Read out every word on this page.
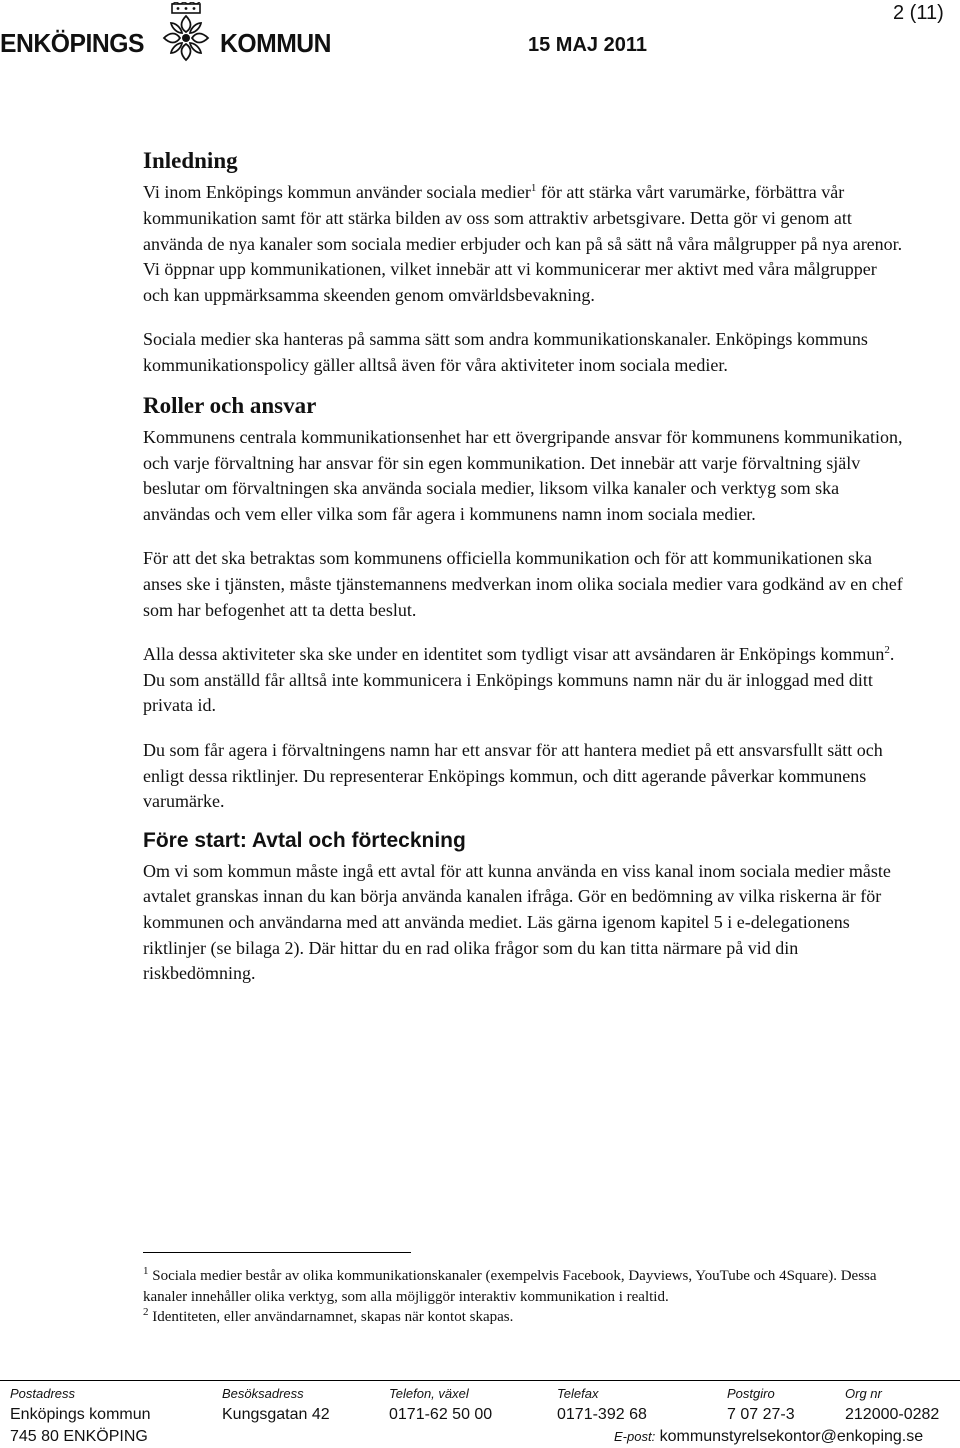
ENKÖPINGS	KOMMUN	15 MAJ 2011
2 (11)
Inledning

Vi inom Enköpings kommun använder sociala medier$^1$ för att stärka vårt varumärke, förbättra vår kommunikation samt för att stärka bilden av oss som attraktiv arbetsgivare. Detta gör vi genom att använda de nya kanaler som sociala medier erbjuder och kan på så sätt nå våra målgrupper på nya arenor. Vi öppnar upp kommunikationen, vilket innebär att vi kommunicerar mer aktivt med våra målgrupper och kan uppmärksamma skeenden genom omvärldsbevakning.

Sociala medier ska hanteras på samma sätt som andra kommunikationskanaler. Enköpings kommuns kommunikationspolicy gäller alltså även för våra aktiviteter inom sociala medier.

Roller och ansvar

Kommunens centrala kommunikationsenhet har ett övergripande ansvar för kommunens kommunikation, och varje förvaltning har ansvar för sin egen kommunikation. Det innebär att varje förvaltning själv beslutar om förvaltningen ska använda sociala medier, liksom vilka kanaler och verktyg som ska användas och vem eller vilka som får agera i kommunens namn inom sociala medier.

För att det ska betraktas som kommunens officiella kommunikation och för att kommunikationen ska anses ske i tjänsten, måste tjänstemannens medverkan inom olika sociala medier vara godkänd av en chef som har befogenhet att ta detta beslut.

Alla dessa aktiviteter ska ske under en identitet som tydligt visar att avsändaren är Enköpings kommun$^2$. Du som anställd får alltså inte kommunicera i Enköpings kommuns namn när du är inloggad med ditt privata id.

Du som får agera i förvaltningens namn har ett ansvar för att hantera mediet på ett ansvarsfullt sätt och enligt dessa riktlinjer. Du representerar Enköpings kommun, och ditt agerande påverkar kommunens varumärke.

Före start: Avtal och förteckning

Om vi som kommun måste ingå ett avtal för att kunna använda en viss kanal inom sociala medier måste avtalet granskas innan du kan börja använda kanalen ifråga. Gör en bedömning av vilka riskerna är för kommunen och användarna med att använda mediet. Läs gärna igenom kapitel 5 i e-delegationens riktlinjer (se bilaga 2). Där hittar du en rad olika frågor som du kan titta närmare på vid din riskbedömning.

$^1$ Sociala medier består av olika kommunikationskanaler (exempelvis Facebook, Dayviews, YouTube och 4Square). Dessa kanaler innehåller olika verktyg, som alla möjliggör interaktiv kommunikation i realtid.

$^2$ Identiteten, eller användarnamnet, skapas när kontot skapas.

Postadress
Enköpings kommun
745 80 ENKÖPING
Besöksadress
Kungsgatan 42
Telefon, växel
0171-62 50 00
Telefax
0171-392 68
Postgiro
7 07 27-3
Org nr
212000-0282
E-post: kommunstyrelsekontor@enkoping.se
